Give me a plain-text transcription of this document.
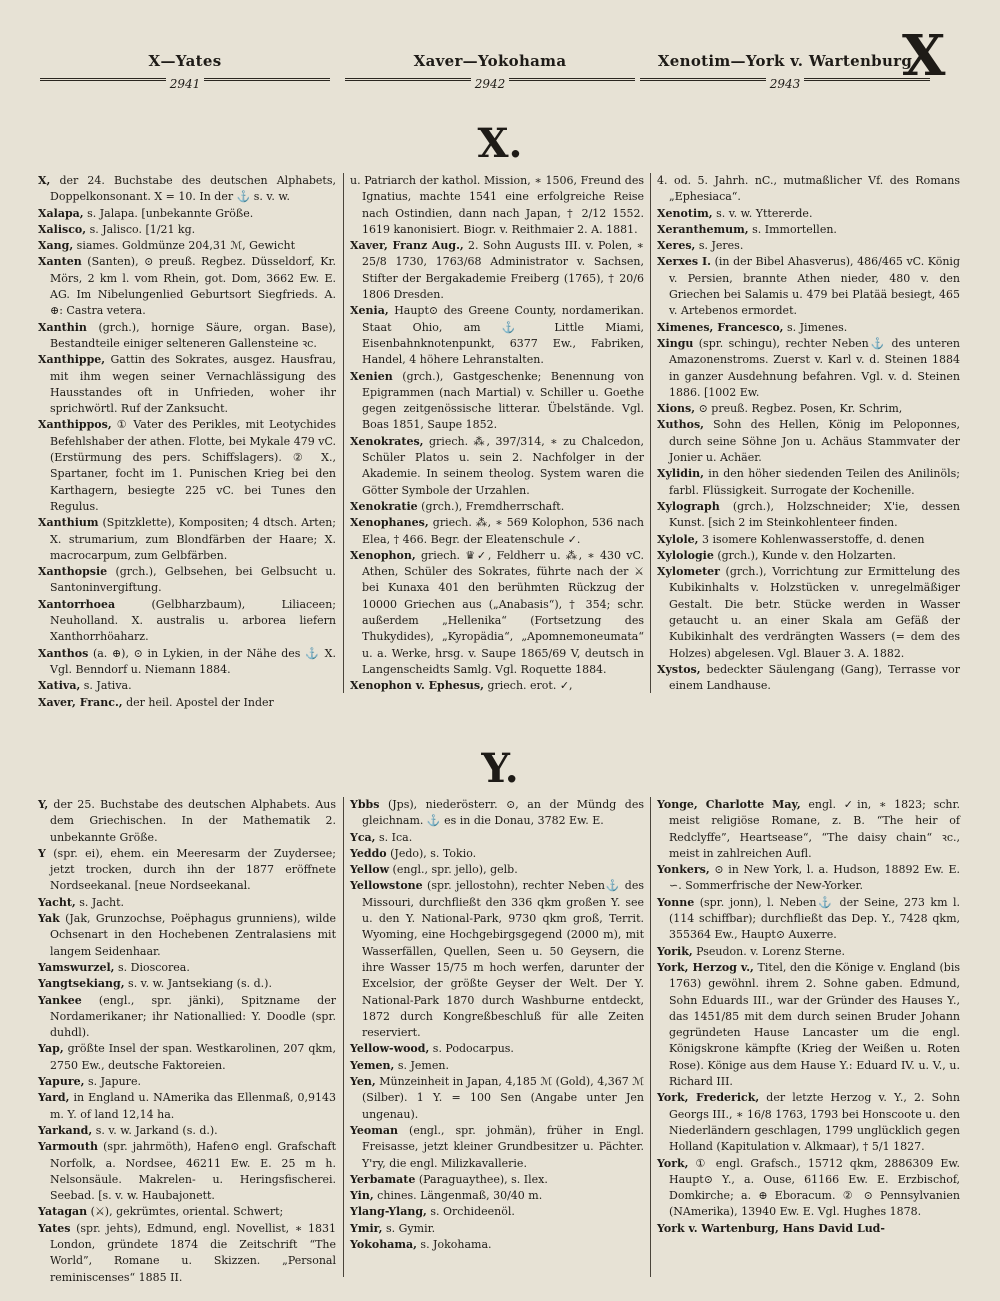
X—Yates
2941
Xaver—Yokohama
2942
Xenotim—York v. Wartenburg
2943	X
X.

X, der 24. Buchstabe des deutschen Alphabets, Doppelkonsonant. X = 10. In der ⚓ s. v. w.

Xalapa, s. Jalapa. [unbekannte Größe.

Xalisco, s. Jalisco. [1/21 kg.

Xang, siames. Goldmünze 204,31 ℳ, Gewicht

Xanten (Santen), ⊙ preuß. Regbez. Düsseldorf, Kr. Mörs, 2 km l. vom Rhein, got. Dom, 3662 Ew. E. AG. Im Nibelungenlied Geburtsort Siegfrieds. A. ⊕: Castra vetera.

Xanthin (grch.), hornige Säure, organ. Base), Bestandteile einiger selteneren Gallensteine ꝛc.

Xanthippe, Gattin des Sokrates, ausgez. Hausfrau, mit ihm wegen seiner Vernachlässigung des Hausstandes oft in Unfrieden, woher ihr sprichwörtl. Ruf der Zanksucht.

Xanthippos, ① Vater des Perikles, mit Leotychides Befehlshaber der athen. Flotte, bei Mykale 479 vC. (Erstürmung des pers. Schiffslagers). ② X., Spartaner, focht im 1. Punischen Krieg bei den Karthagern, besiegte 225 vC. bei Tunes den Regulus.

Xanthium (Spitzklette), Kompositen; 4 dtsch. Arten; X. strumarium, zum Blondfärben der Haare; X. macrocarpum, zum Gelbfärben.

Xanthopsie (grch.), Gelbsehen, bei Gelbsucht u. Santoninvergiftung.

Xantorrhoea (Gelbharzbaum), Liliaceen; Neuholland. X. australis u. arborea liefern Xanthorrhöaharz.

Xanthos (a. ⊕), ⊙ in Lykien, in der Nähe des ⚓ X. Vgl. Benndorf u. Niemann 1884.

Xativa, s. Jativa.

Xaver, Franc., der heil. Apostel der Inder

u. Patriarch der kathol. Mission, ∗ 1506, Freund des Ignatius, machte 1541 eine erfolgreiche Reise nach Ostindien, dann nach Japan, † 2/12 1552. 1619 kanonisiert. Biogr. v. Reithmaier 2. A. 1881.

Xaver, Franz Aug., 2. Sohn Augusts III. v. Polen, ∗ 25/8 1730, 1763/68 Administrator v. Sachsen, Stifter der Bergakademie Freiberg (1765), † 20/6 1806 Dresden.

Xenia, Haupt⊙ des Greene County, nordamerikan. Staat Ohio, am ⚓ Little Miami, Eisenbahnknotenpunkt, 6377 Ew., Fabriken, Handel, 4 höhere Lehranstalten.

Xenien (grch.), Gastgeschenke; Benennung von Epigrammen (nach Martial) v. Schiller u. Goethe gegen zeitgenössische litterar. Übelstände. Vgl. Boas 1851, Saupe 1852.

Xenokrates, griech. ⁂, 397/314, ∗ zu Chalcedon, Schüler Platos u. sein 2. Nachfolger in der Akademie. In seinem theolog. System waren die Götter Symbole der Urzahlen.

Xenokratie (grch.), Fremdherrschaft.

Xenophanes, griech. ⁂, ∗ 569 Kolophon, 536 nach Elea, † 466. Begr. der Eleatenschule ✓.

Xenophon, griech. ♛✓, Feldherr u. ⁂, ∗ 430 vC. Athen, Schüler des Sokrates, führte nach der ⚔ bei Kunaxa 401 den berühmten Rückzug der 10000 Griechen aus („Anabasis“), † 354; schr. außerdem „Hellenika“ (Fortsetzung des Thukydides), „Kyropädia“, „Apomnemoneumata“ u. a. Werke, hrsg. v. Saupe 1865/69 V, deutsch in Langenscheidts Samlg. Vgl. Roquette 1884.

Xenophon v. Ephesus, griech. erot. ✓,

4. od. 5. Jahrh. nC., mutmaßlicher Vf. des Romans „Ephesiaca“.

Xenotim, s. v. w. Yttererde.

Xeranthemum, s. Immortellen.

Xeres, s. Jeres.

Xerxes I. (in der Bibel Ahasverus), 486/465 vC. König v. Persien, brannte Athen nieder, 480 v. den Griechen bei Salamis u. 479 bei Platää besiegt, 465 v. Artebenos ermordet.

Ximenes, Francesco, s. Jimenes.

Xingu (spr. schingu), rechter Neben⚓ des unteren Amazonenstroms. Zuerst v. Karl v. d. Steinen 1884 in ganzer Ausdehnung befahren. Vgl. v. d. Steinen 1886. [1002 Ew.

Xions, ⊙ preuß. Regbez. Posen, Kr. Schrim,

Xuthos, Sohn des Hellen, König im Peloponnes, durch seine Söhne Jon u. Achäus Stammvater der Jonier u. Achäer.

Xylidin, in den höher siedenden Teilen des Anilinöls; farbl. Flüssigkeit. Surrogate der Kochenille.

Xylograph (grch.), Holzschneider; X'ie, dessen Kunst. [sich 2 im Steinkohlenteer finden.

Xylole, 3 isomere Kohlenwasserstoffe, d. denen

Xylologie (grch.), Kunde v. den Holzarten.

Xylometer (grch.), Vorrichtung zur Ermittelung des Kubikinhalts v. Holzstücken v. unregelmäßiger Gestalt. Die betr. Stücke werden in Wasser getaucht u. an einer Skala am Gefäß der Kubikinhalt des verdrängten Wassers (= dem des Holzes) abgelesen. Vgl. Blauer 3. A. 1882.

Xystos, bedeckter Säulengang (Gang), Terrasse vor einem Landhause.

Y.

Y, der 25. Buchstabe des deutschen Alphabets. Aus dem Griechischen. In der Mathematik 2. unbekannte Größe.

Y (spr. ei), ehem. ein Meeresarm der Zuydersee; jetzt trocken, durch ihn der 1877 eröffnete Nordseekanal. [neue Nordseekanal.

Yacht, s. Jacht.

Yak (Jak, Grunzochse, Poëphagus grunniens), wilde Ochsenart in den Hochebenen Zentralasiens mit langem Seidenhaar.

Yamswurzel, s. Dioscorea.

Yangtsekiang, s. v. w. Jantsekiang (s. d.).

Yankee (engl., spr. jänki), Spitzname der Nordamerikaner; ihr Nationallied: Y. Doodle (spr. duhdl).

Yap, größte Insel der span. Westkarolinen, 207 qkm, 2750 Ew., deutsche Faktoreien.

Yapure, s. Japure.

Yard, in England u. NAmerika das Ellenmaß, 0,9143 m. Y. of land 12,14 ha.

Yarkand, s. v. w. Jarkand (s. d.).

Yarmouth (spr. jahrmöth), Hafen⊙ engl. Grafschaft Norfolk, a. Nordsee, 46211 Ew. E. 25 m h. Nelsonsäule. Makrelen- u. Heringsfischerei. Seebad. [s. v. w. Haubajonett.

Yatagan (⚔), gekrümtes, oriental. Schwert;

Yates (spr. jehts), Edmund, engl. Novellist, ∗ 1831 London, gründete 1874 die Zeitschrift “The World”, Romane u. Skizzen. „Personal reminiscenses“ 1885 II.

Ybbs (Jps), niederösterr. ⊙, an der Mündg des gleichnam. ⚓ es in die Donau, 3782 Ew. E.

Yca, s. Ica.

Yeddo (Jedo), s. Tokio.

Yellow (engl., spr. jello), gelb.

Yellowstone (spr. jellostohn), rechter Neben⚓ des Missouri, durchfließt den 336 qkm großen Y. see u. den Y. National-Park, 9730 qkm groß, Territ. Wyoming, eine Hochgebirgsgegend (2000 m), mit Wasserfällen, Quellen, Seen u. 50 Geysern, die ihre Wasser 15/75 m hoch werfen, darunter der Excelsior, der größte Geyser der Welt. Der Y. National-Park 1870 durch Washburne entdeckt, 1872 durch Kongreßbeschluß für alle Zeiten reserviert.

Yellow-wood, s. Podocarpus.

Yemen, s. Jemen.

Yen, Münzeinheit in Japan, 4,185 ℳ (Gold), 4,367 ℳ (Silber). 1 Y. = 100 Sen (Angabe unter Jen ungenau).

Yeoman (engl., spr. johmän), früher in Engl. Freisasse, jetzt kleiner Grundbesitzer u. Pächter. Y'ry, die engl. Milizkavallerie.

Yerbamate (Paraguaythee), s. Ilex.

Yin, chines. Längenmaß, 30/40 m.

Ylang-Ylang, s. Orchideenöl.

Ymir, s. Gymir.

Yokohama, s. Jokohama.

Yonge, Charlotte May, engl. ✓in, ∗ 1823; schr. meist religiöse Romane, z. B. “The heir of Redclyffe”, Heartsease“, “The daisy chain“ ꝛc., meist in zahlreichen Aufl.

Yonkers, ⊙ in New York, l. a. Hudson, 18892 Ew. E. ∽. Sommerfrische der New-Yorker.

Yonne (spr. jonn), l. Neben⚓ der Seine, 273 km l. (114 schiffbar); durchfließt das Dep. Y., 7428 qkm, 355364 Ew., Haupt⊙ Auxerre.

Yorik, Pseudon. v. Lorenz Sterne.

York, Herzog v., Titel, den die Könige v. England (bis 1763) gewöhnl. ihrem 2. Sohne gaben. Edmund, Sohn Eduards III., war der Gründer des Hauses Y., das 1451/85 mit dem durch seinen Bruder Johann gegründeten Hause Lancaster um die engl. Königskrone kämpfte (Krieg der Weißen u. Roten Rose). Könige aus dem Hause Y.: Eduard IV. u. V., u. Richard III.

York, Frederick, der letzte Herzog v. Y., 2. Sohn Georgs III., ∗ 16/8 1763, 1793 bei Honscoote u. den Niederländern geschlagen, 1799 unglücklich gegen Holland (Kapitulation v. Alkmaar), † 5/1 1827.

York, ① engl. Grafsch., 15712 qkm, 2886309 Ew. Haupt⊙ Y., a. Ouse, 61166 Ew. E. Erzbischof, Domkirche; a. ⊕ Eboracum. ② ⊙ Pennsylvanien (NAmerika), 13940 Ew. E. Vgl. Hughes 1878.

York v. Wartenburg, Hans David Lud-
